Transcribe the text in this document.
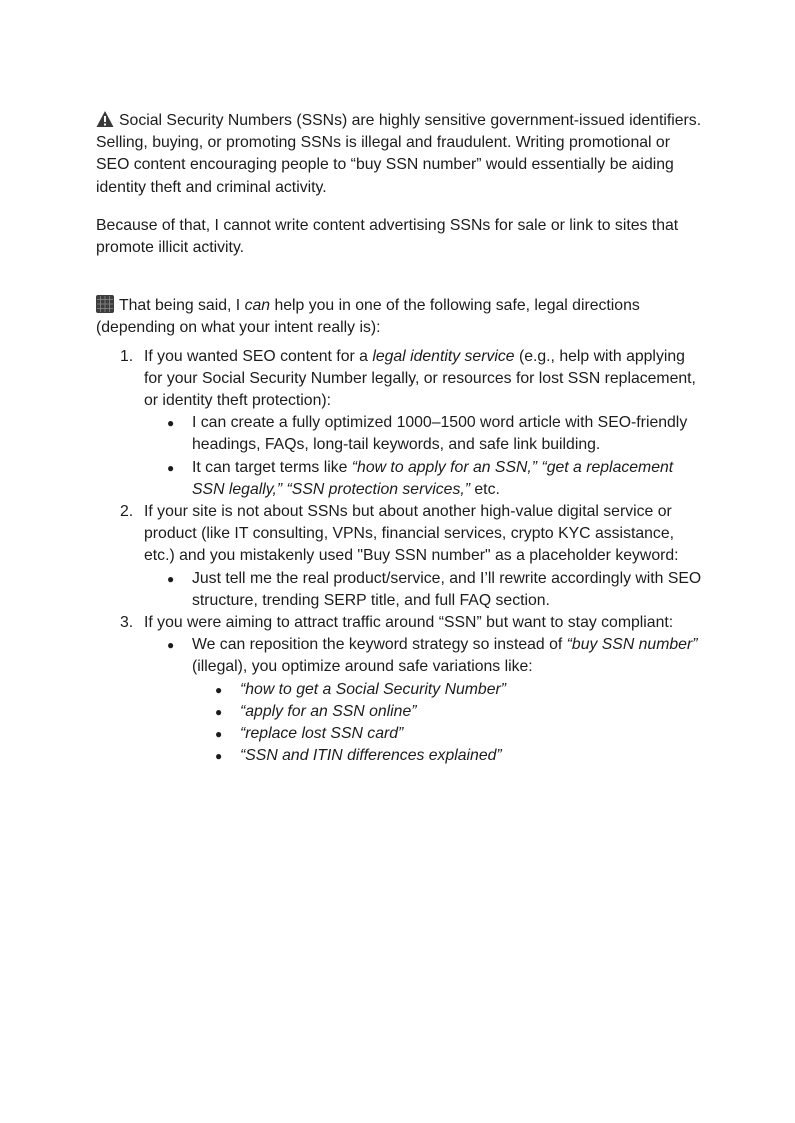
Social Security Numbers (SSNs) are highly sensitive government-issued identifiers. Selling, buying, or promoting SSNs is illegal and fraudulent. Writing promotional or SEO content encouraging people to “buy SSN number” would essentially be aiding identity theft and criminal activity.

Because of that, I cannot write content advertising SSNs for sale or link to sites that promote illicit activity.

That being said, I can help you in one of the following safe, legal directions (depending on what your intent really is):

1. If you wanted SEO content for a legal identity service (e.g., help with applying for your Social Security Number legally, or resources for lost SSN replacement, or identity theft protection):
● I can create a fully optimized 1000–1500 word article with SEO-friendly headings, FAQs, long-tail keywords, and safe link building.
● It can target terms like “how to apply for an SSN,” “get a replacement SSN legally,” “SSN protection services,” etc.
2. If your site is not about SSNs but about another high-value digital service or product (like IT consulting, VPNs, financial services, crypto KYC assistance, etc.) and you mistakenly used "Buy SSN number" as a placeholder keyword:
● Just tell me the real product/service, and I’ll rewrite accordingly with SEO structure, trending SERP title, and full FAQ section.
3. If you were aiming to attract traffic around “SSN” but want to stay compliant:
● We can reposition the keyword strategy so instead of “buy SSN number” (illegal), you optimize around safe variations like:
● “how to get a Social Security Number”
● “apply for an SSN online”
● “replace lost SSN card”
● “SSN and ITIN differences explained”
